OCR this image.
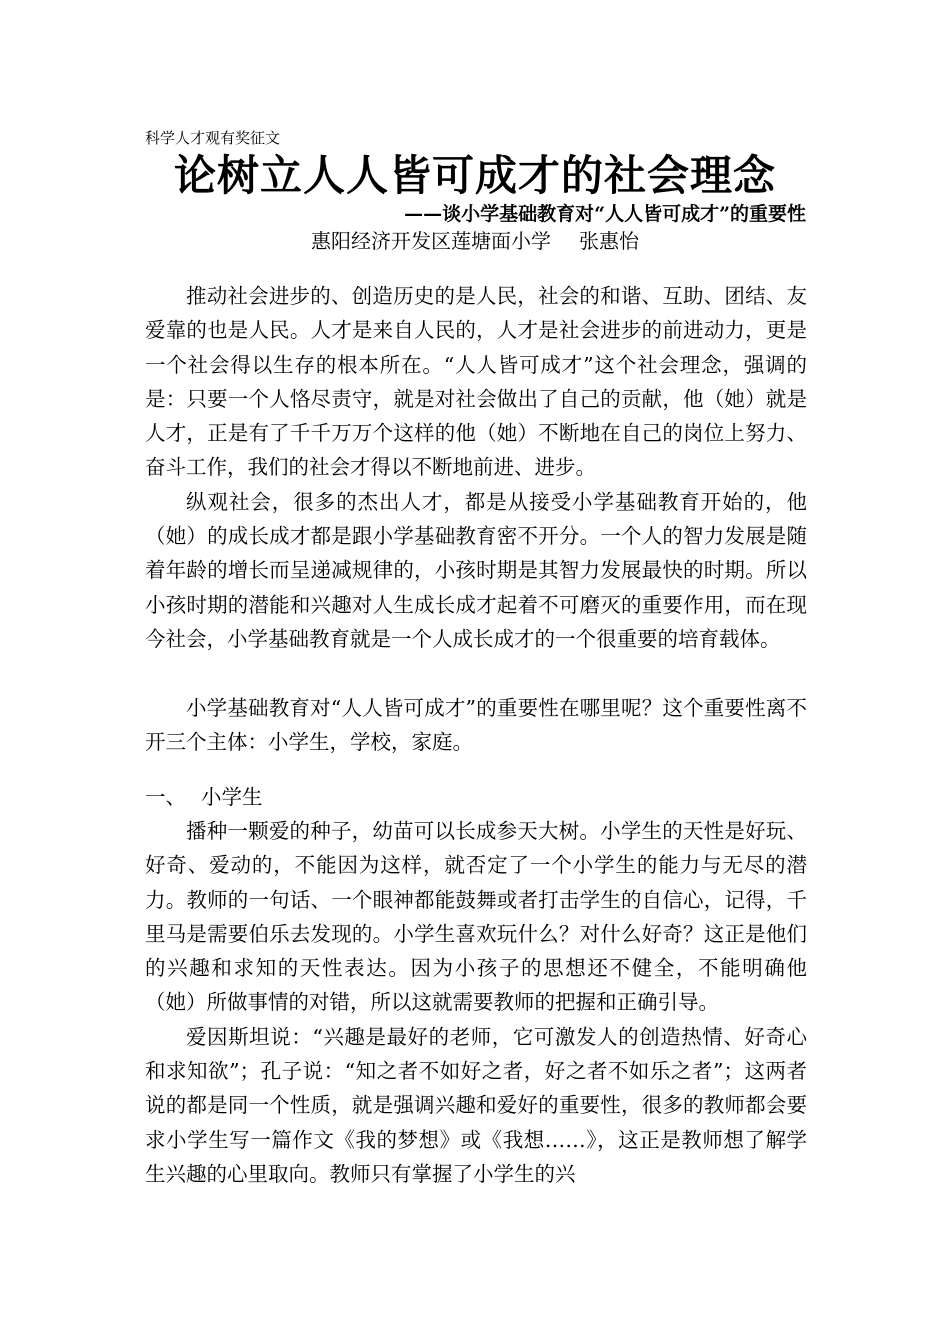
科学人才观有奖征文
论树立人人皆可成才的社会理念
——谈小学基础教育对“人人皆可成才”的重要性
惠阳经济开发区莲塘面小学 张惠怡

推动社会进步的、创造历史的是人民，社会的和谐、互助、团结、友爱靠的也是人民。人才是来自人民的，人才是社会进步的前进动力，更是一个社会得以生存的根本所在。“人人皆可成才”这个社会理念，强调的是：只要一个人恪尽责守，就是对社会做出了自己的贡献，他（她）就是人才，正是有了千千万万个这样的他（她）不断地在自己的岗位上努力、奋斗工作，我们的社会才得以不断地前进、进步。

纵观社会，很多的杰出人才，都是从接受小学基础教育开始的，他（她）的成长成才都是跟小学基础教育密不开分。一个人的智力发展是随着年龄的增长而呈递减规律的，小孩时期是其智力发展最快的时期。所以小孩时期的潜能和兴趣对人生成长成才起着不可磨灭的重要作用，而在现今社会，小学基础教育就是一个人成长成才的一个很重要的培育载体。

小学基础教育对“人人皆可成才”的重要性在哪里呢？这个重要性离不开三个主体：小学生，学校，家庭。

一、 小学生

播种一颗爱的种子，幼苗可以长成参天大树。小学生的天性是好玩、好奇、爱动的，不能因为这样，就否定了一个小学生的能力与无尽的潜力。教师的一句话、一个眼神都能鼓舞或者打击学生的自信心，记得，千里马是需要伯乐去发现的。小学生喜欢玩什么？对什么好奇？这正是他们的兴趣和求知的天性表达。因为小孩子的思想还不健全，不能明确他（她）所做事情的对错，所以这就需要教师的把握和正确引导。

爱因斯坦说：“兴趣是最好的老师，它可激发人的创造热情、好奇心和求知欲”；孔子说：“知之者不如好之者，好之者不如乐之者”；这两者说的都是同一个性质，就是强调兴趣和爱好的重要性，很多的教师都会要求小学生写一篇作文《我的梦想》或《我想……》，这正是教师想了解学生兴趣的心里取向。教师只有掌握了小学生的兴
